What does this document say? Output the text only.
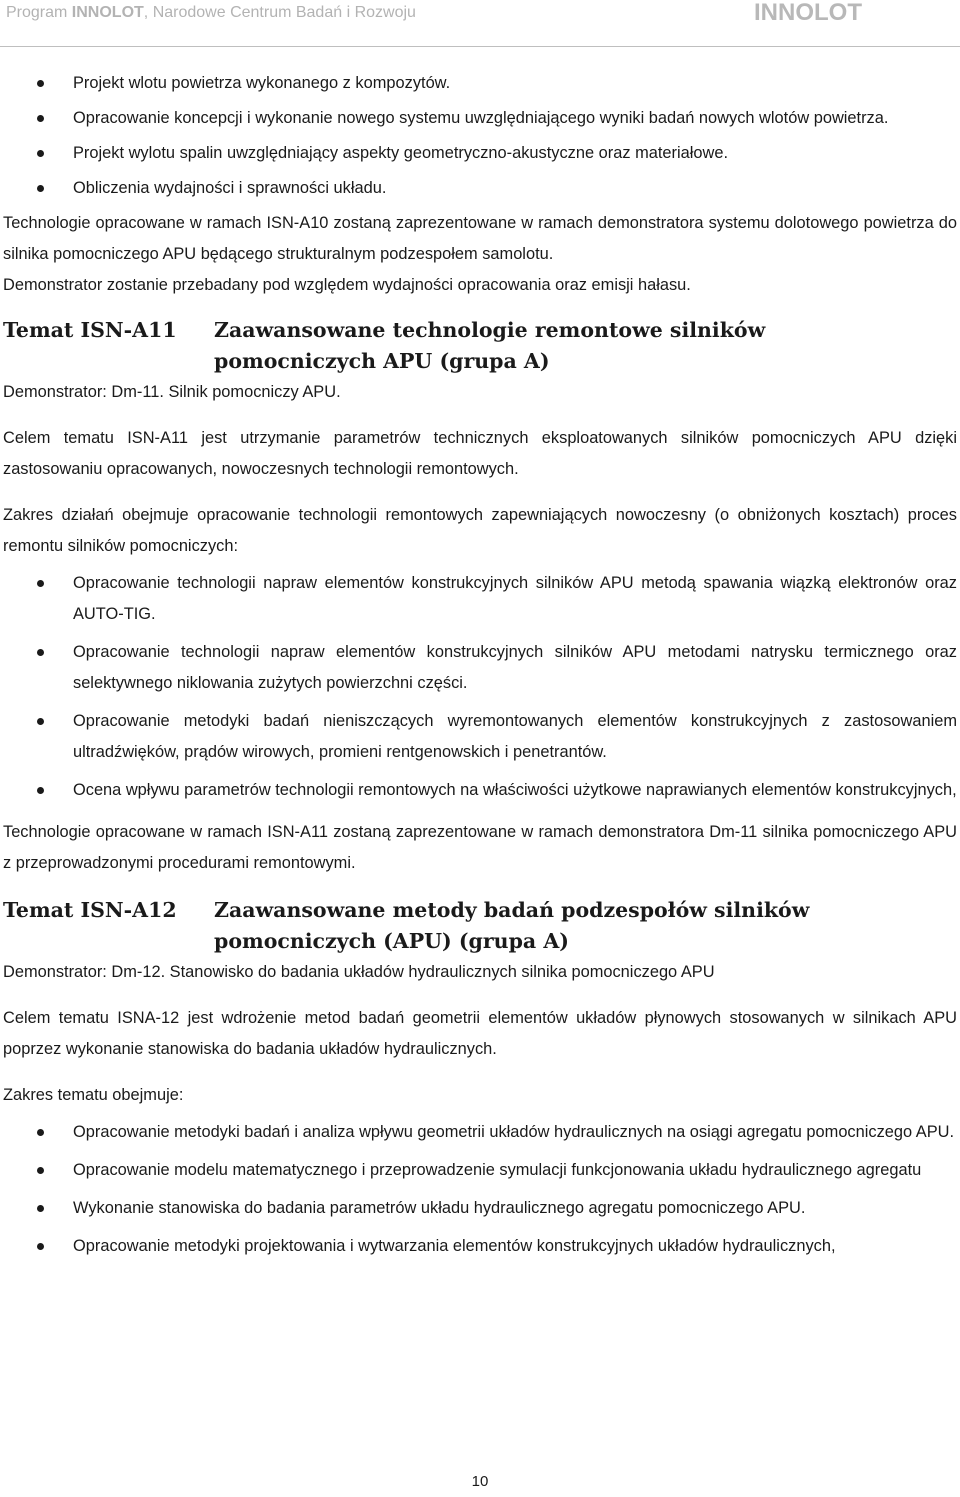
Program INNOLOT, Narodowe Centrum Badań i Rozwoju	INNOLOT
Projekt wlotu powietrza wykonanego z kompozytów.
Opracowanie koncepcji i wykonanie nowego systemu uwzględniającego wyniki badań nowych wlotów powietrza.
Projekt wylotu spalin uwzględniający aspekty geometryczno-akustyczne oraz materiałowe.
Obliczenia wydajności i sprawności układu.

Technologie opracowane w ramach ISN-A10 zostaną zaprezentowane w ramach demonstratora systemu dolotowego powietrza do silnika pomocniczego APU będącego strukturalnym podzespołem samolotu.

Demonstrator zostanie przebadany pod względem wydajności opracowania oraz emisji hałasu.

Temat ISN-A11	Zaawansowane technologie remontowe silników
pomocniczych APU (grupa A)

Demonstrator: Dm-11. Silnik pomocniczy APU.

Celem tematu ISN-A11 jest utrzymanie parametrów technicznych eksploatowanych silników pomocniczych APU dzięki zastosowaniu opracowanych, nowoczesnych technologii remontowych.

Zakres działań obejmuje opracowanie technologii remontowych zapewniających nowoczesny (o obniżonych kosztach) proces remontu silników pomocniczych:

Opracowanie technologii napraw elementów konstrukcyjnych silników APU metodą spawania wiązką elektronów oraz AUTO-TIG.
Opracowanie technologii napraw elementów konstrukcyjnych silników APU metodami natrysku termicznego oraz selektywnego niklowania zużytych powierzchni części.
Opracowanie metodyki badań nieniszczących wyremontowanych elementów konstrukcyjnych z zastosowaniem ultradźwięków, prądów wirowych, promieni rentgenowskich i penetrantów.
Ocena wpływu parametrów technologii remontowych na właściwości użytkowe naprawianych elementów konstrukcyjnych,

Technologie opracowane w ramach ISN-A11 zostaną zaprezentowane w ramach demonstratora Dm-11 silnika pomocniczego APU z przeprowadzonymi procedurami remontowymi.

Temat ISN-A12	Zaawansowane metody badań podzespołów silników
pomocniczych (APU) (grupa A)

Demonstrator: Dm-12. Stanowisko do badania układów hydraulicznych silnika pomocniczego APU

Celem tematu ISNA-12 jest wdrożenie metod badań geometrii elementów układów płynowych stosowanych w silnikach APU poprzez wykonanie stanowiska do badania układów hydraulicznych.

Zakres tematu obejmuje:

Opracowanie metodyki badań i analiza wpływu geometrii układów hydraulicznych na osiągi agregatu pomocniczego APU.
Opracowanie modelu matematycznego i przeprowadzenie symulacji funkcjonowania układu hydraulicznego agregatu
Wykonanie stanowiska do badania parametrów układu hydraulicznego agregatu pomocniczego APU.
Opracowanie metodyki projektowania i wytwarzania elementów konstrukcyjnych układów hydraulicznych,
10
